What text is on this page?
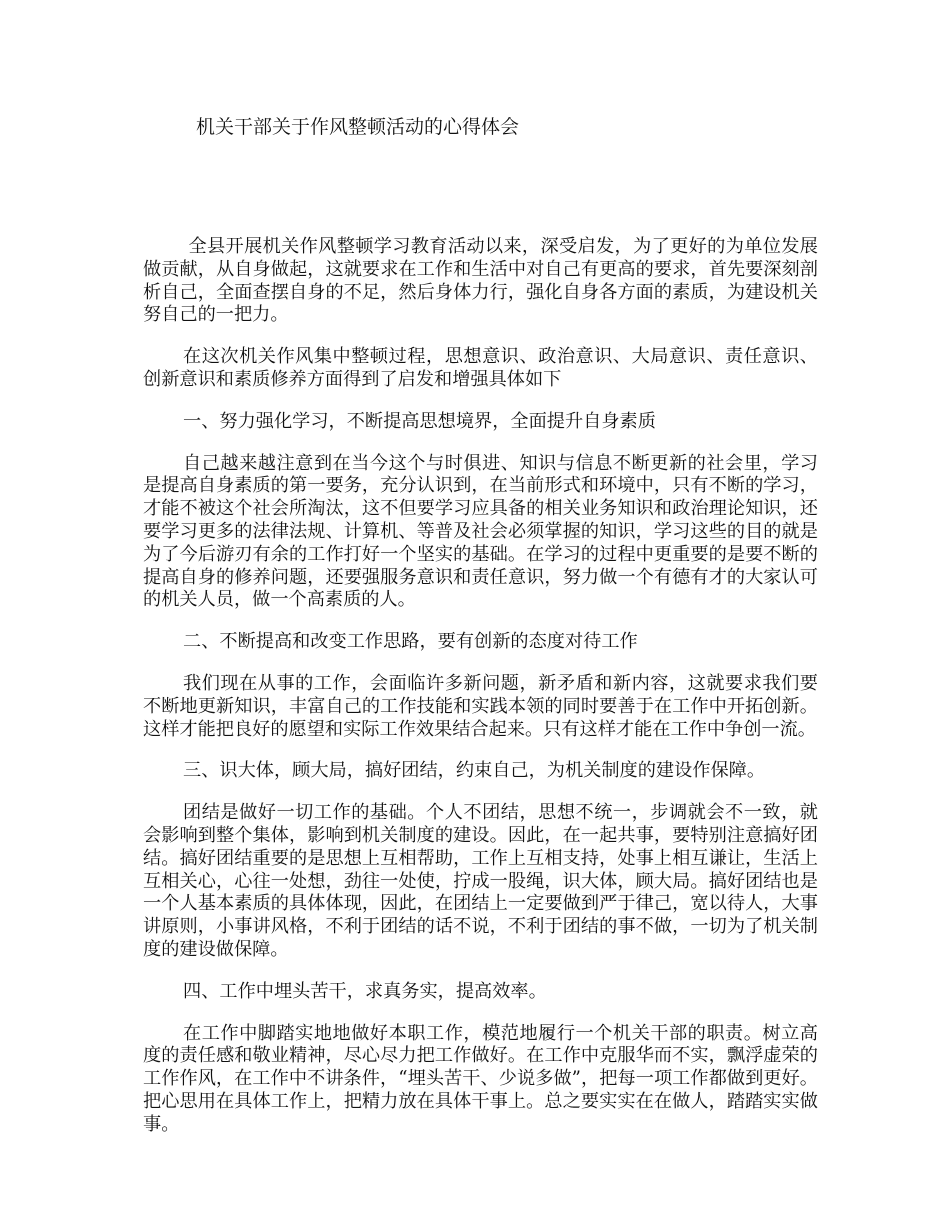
机关干部关于作风整顿活动的心得体会

全县开展机关作风整顿学习教育活动以来，深受启发，为了更好的为单位发展做贡献，从自身做起，这就要求在工作和生活中对自己有更高的要求，首先要深刻剖析自己，全面查摆自身的不足，然后身体力行，强化自身各方面的素质，为建设机关努自己的一把力。

在这次机关作风集中整顿过程，思想意识、政治意识、大局意识、责任意识、创新意识和素质修养方面得到了启发和增强具体如下

一、努力强化学习，不断提高思想境界，全面提升自身素质

自己越来越注意到在当今这个与时俱进、知识与信息不断更新的社会里，学习是提高自身素质的第一要务，充分认识到，在当前形式和环境中，只有不断的学习，才能不被这个社会所淘汰，这不但要学习应具备的相关业务知识和政治理论知识，还要学习更多的法律法规、计算机、等普及社会必须掌握的知识，学习这些的目的就是为了今后游刃有余的工作打好一个坚实的基础。在学习的过程中更重要的是要不断的提高自身的修养问题，还要强服务意识和责任意识，努力做一个有德有才的大家认可的机关人员，做一个高素质的人。

二、不断提高和改变工作思路，要有创新的态度对待工作

我们现在从事的工作，会面临许多新问题，新矛盾和新内容，这就要求我们要不断地更新知识，丰富自己的工作技能和实践本领的同时要善于在工作中开拓创新。这样才能把良好的愿望和实际工作效果结合起来。只有这样才能在工作中争创一流。

三、识大体，顾大局，搞好团结，约束自己，为机关制度的建设作保障。

团结是做好一切工作的基础。个人不团结，思想不统一，步调就会不一致，就会影响到整个集体，影响到机关制度的建设。因此，在一起共事，要特别注意搞好团结。搞好团结重要的是思想上互相帮助，工作上互相支持，处事上相互谦让，生活上互相关心，心往一处想，劲往一处使，拧成一股绳，识大体，顾大局。搞好团结也是一个人基本素质的具体体现，因此，在团结上一定要做到严于律己，宽以待人，大事讲原则，小事讲风格，不利于团结的话不说，不利于团结的事不做，一切为了机关制度的建设做保障。

四、工作中埋头苦干，求真务实，提高效率。

在工作中脚踏实地地做好本职工作，模范地履行一个机关干部的职责。树立高度的责任感和敬业精神，尽心尽力把工作做好。在工作中克服华而不实，飘浮虚荣的工作作风，在工作中不讲条件，“埋头苦干、少说多做”，把每一项工作都做到更好。把心思用在具体工作上，把精力放在具体干事上。总之要实实在在做人，踏踏实实做事。
